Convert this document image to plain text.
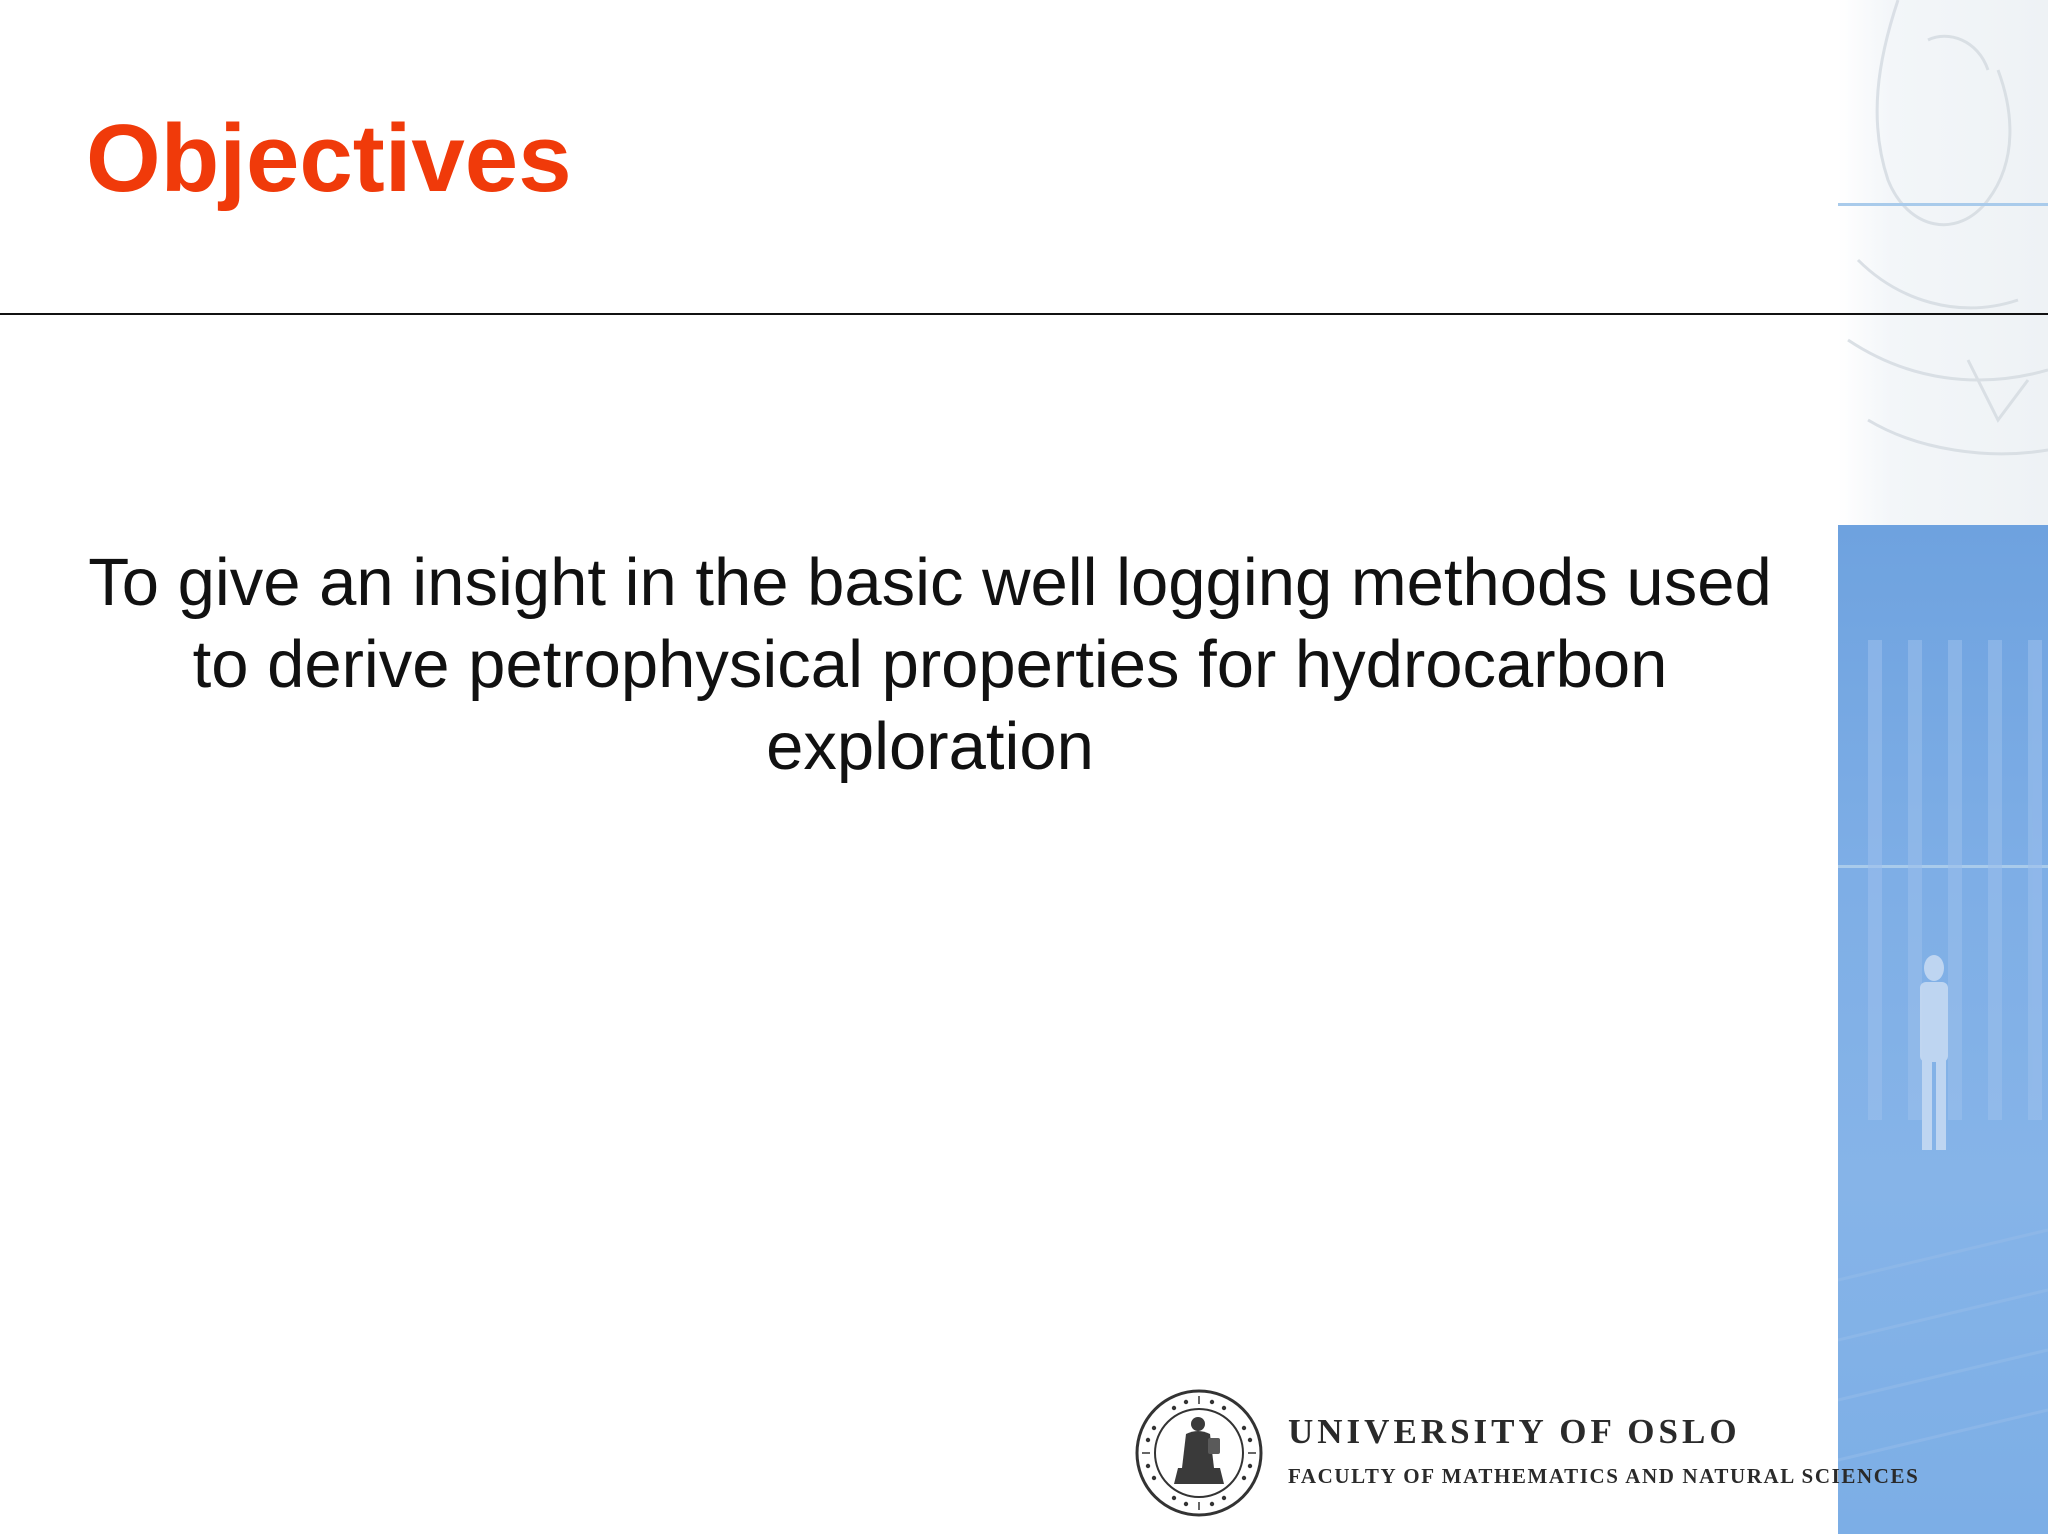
Objectives

To give an insight in the basic well logging methods used to derive petrophysical properties for hydrocarbon exploration

UNIVERSITY OF OSLO
FACULTY OF MATHEMATICS AND NATURAL SCIENCES
